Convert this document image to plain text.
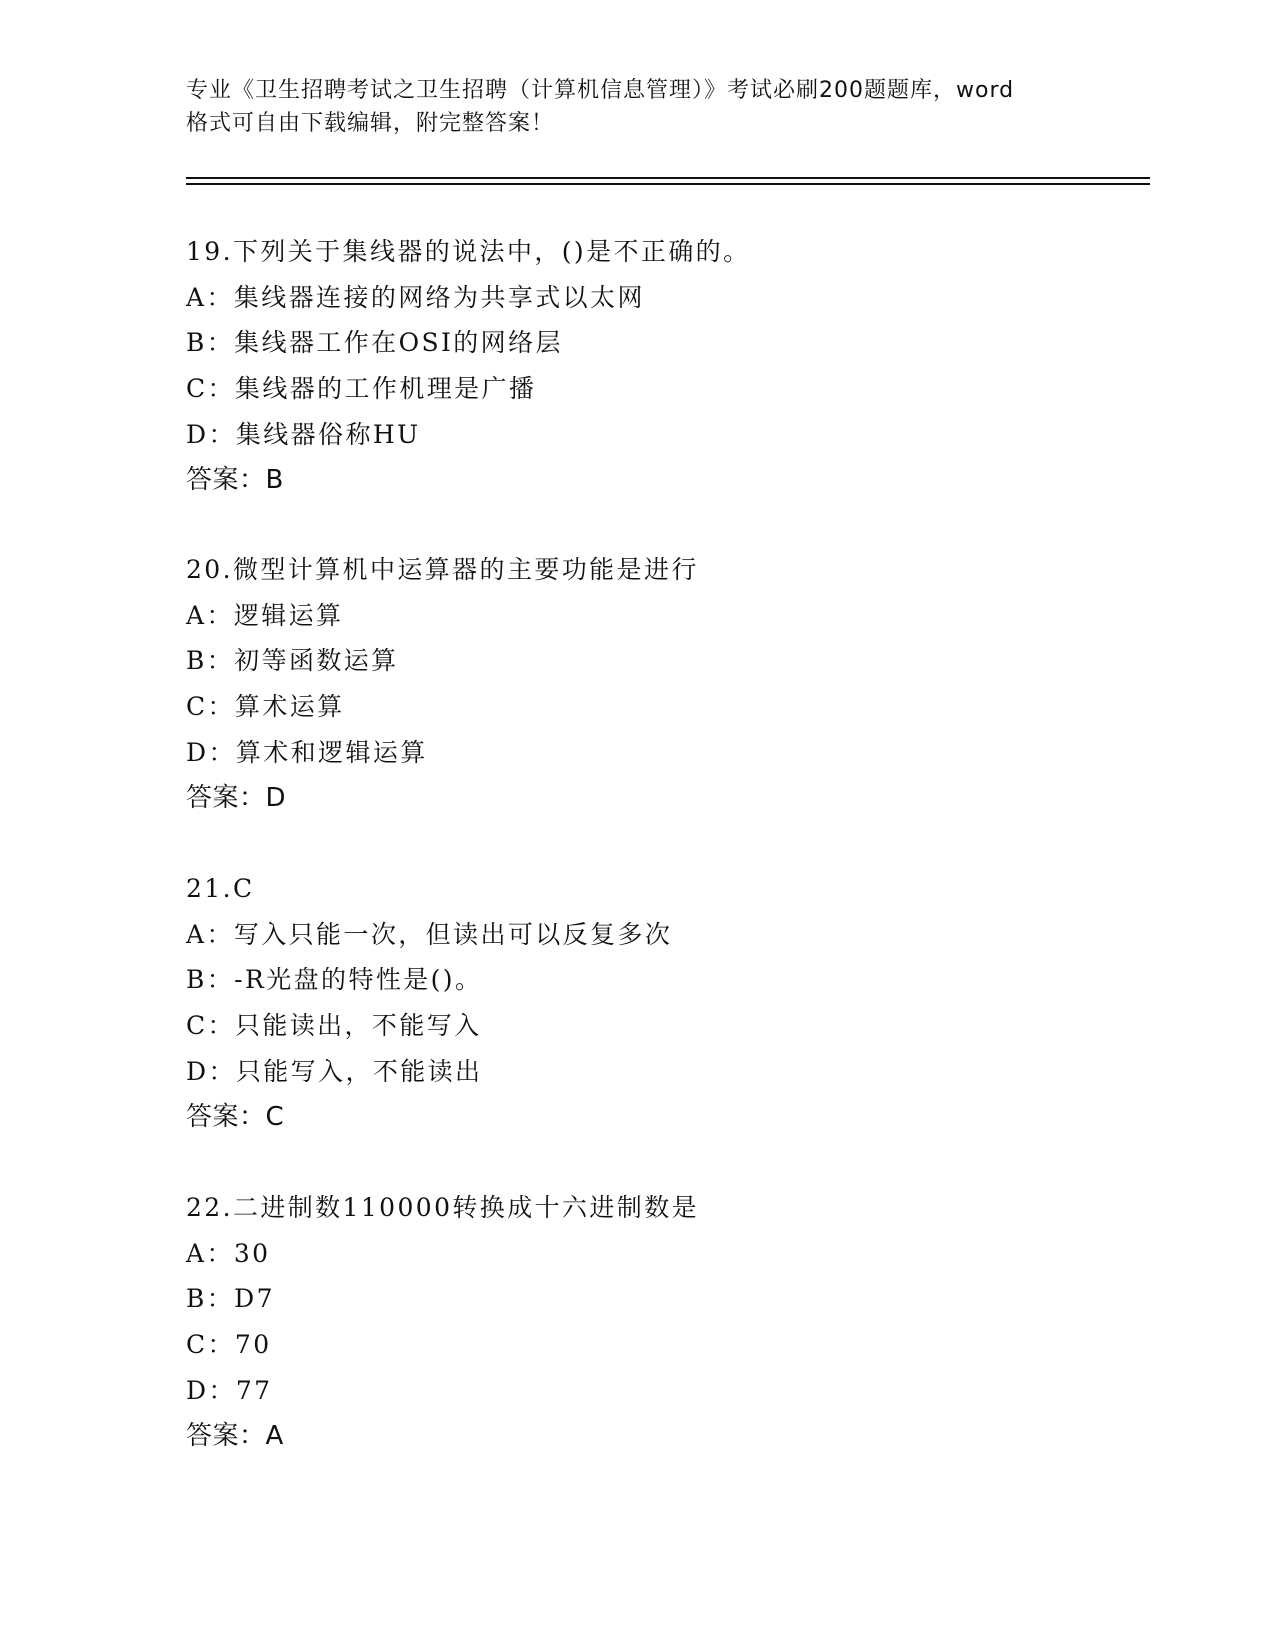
专业《卫生招聘考试之卫生招聘（计算机信息管理）》考试必刷200题题库，word
格式可自由下载编辑，附完整答案！
19.下列关于集线器的说法中，()是不正确的。
A：集线器连接的网络为共享式以太网
B：集线器工作在OSI的网络层
C：集线器的工作机理是广播
D：集线器俗称HU
答案：B
20.微型计算机中运算器的主要功能是进行
A：逻辑运算
B：初等函数运算
C：算术运算
D：算术和逻辑运算
答案：D
21.C
A：写入只能一次，但读出可以反复多次
B：-R光盘的特性是()。
C：只能读出，不能写入
D：只能写入，不能读出
答案：C
22.二进制数110000转换成十六进制数是
A：30
B：D7
C：70
D：77
答案：A
